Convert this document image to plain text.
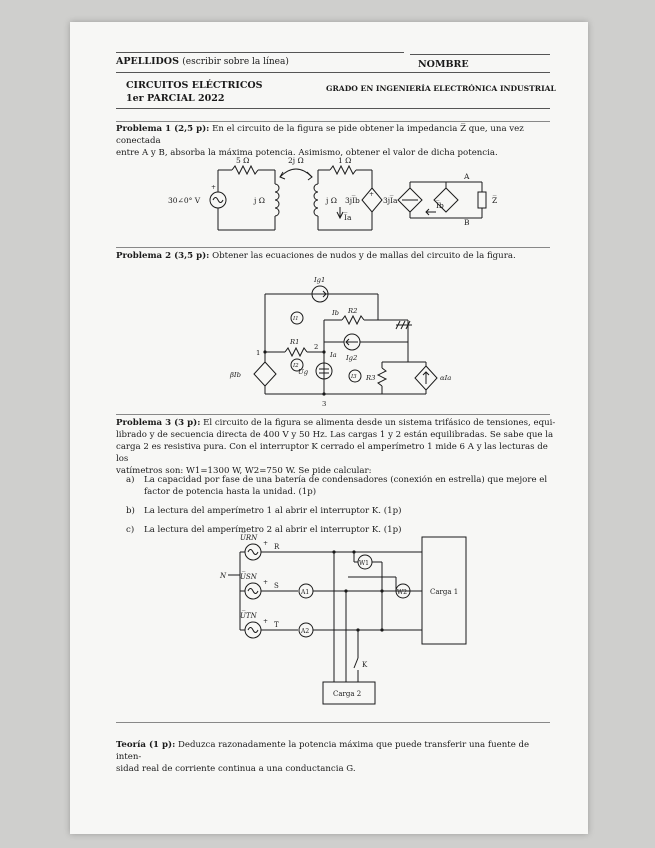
APELLIDOS (escribir sobre la línea)	NOMBRE
CIRCUITOS ELÉCTRICOS
1er PARCIAL 2022
GRADO EN INGENIERÍA ELECTRÓNICA INDUSTRIAL
Problema 1 (2,5 p): En el circuito de la figura se pide obtener la impedancia Z̅ que, una vez conectada
entre A y B, absorba la máxima potencia. Asimismo, obtener el valor de dicha potencia.
5 Ω	2j Ω	1 Ω
30∠0° V	j Ω	j Ω 3jI̅b	3jI̅a
I̅b
I̅a
A
B
Z̅
+
+
Problema 2 (3,5 p): Obtener las ecuaciones de nudos y de mallas del circuito de la figura.
Ig1
I1
Ib R2
R1
1
2
3
I2
Ia Ig2
Ug
I3 R3
βIb	αIa
Problema 3 (3 p): El circuito de la figura se alimenta desde un sistema trifásico de tensiones, equi-
librado y de secuencia directa de 400 V y 50 Hz. Las cargas 1 y 2 están equilibradas. Se sabe que la
carga 2 es resistiva pura. Con el interruptor K cerrado el amperímetro 1 mide 6 A y las lecturas de los
vatímetros son: W1=1300 W, W2=750 W. Se pide calcular:
a) La capacidad por fase de una batería de condensadores (conexión en estrella) que mejore el
factor de potencia hasta la unidad. (1p)
b) La lectura del amperímetro 1 al abrir el interruptor K. (1p)
c) La lectura del amperímetro 2 al abrir el interruptor K. (1p)
U̅RN
U̅SN
U̅TN
R
S
T
N
W1
W2
A1
A2
K
Carga 1
Carga 2
+
+
+
Teoría (1 p): Deduzca razonadamente la potencia máxima que puede transferir una fuente de inten-
sidad real de corriente continua a una conductancia G.
